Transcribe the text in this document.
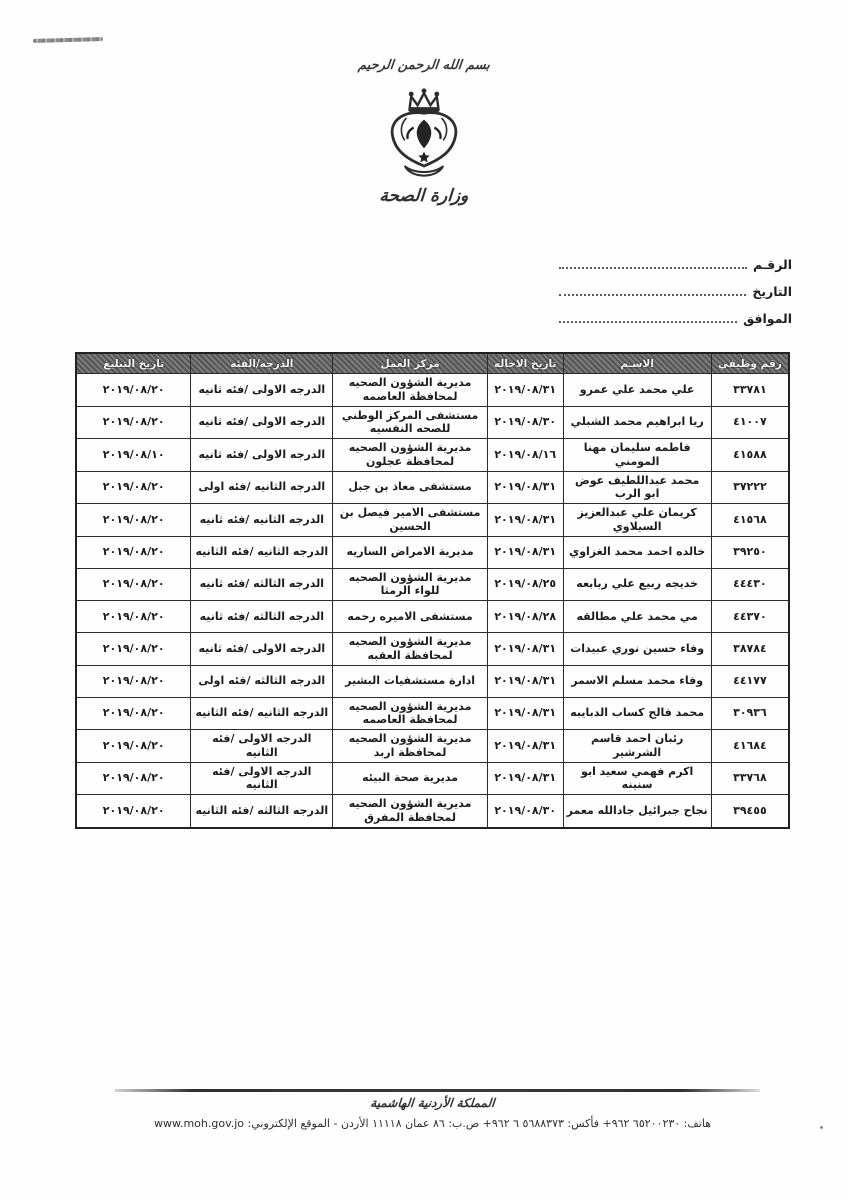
بسم الله الرحمن الرحيم
وزارة الصحة
الرقـم
التاريخ
الموافق
رقم وظيفي	الاسـم	تاريخ الاحاله	مركز العمل	الدرجه/الفئه	تاريخ التبليغ
٣٣٧٨١	علي محمد علي عمرو	٢٠١٩/٠٨/٣١	مديرية الشؤون الصحيه لمحافظة العاصمه	الدرجه الاولى /فئه ثانيه	٢٠١٩/٠٨/٢٠
٤١٠٠٧	ريا ابراهيم محمد الشبلي	٢٠١٩/٠٨/٣٠	مستشفى المركز الوطني للصحه النفسيه	الدرجه الاولى /فئه ثانيه	٢٠١٩/٠٨/٢٠
٤١٥٨٨	فاطمه سليمان مهنا المومني	٢٠١٩/٠٨/١٦	مديرية الشؤون الصحيه لمحافظة عجلون	الدرجه الاولى /فئه ثانيه	٢٠١٩/٠٨/١٠
٣٧٢٢٢	محمد عبداللطيف عوض ابو الرب	٢٠١٩/٠٨/٣١	مستشفى معاذ بن جبل	الدرجه الثانيه /فئه اولى	٢٠١٩/٠٨/٢٠
٤١٥٦٨	كريمان علي عبدالعزيز السيلاوي	٢٠١٩/٠٨/٣١	مستشفى الامير فيصل بن الحسين	الدرجه الثانيه /فئه ثانيه	٢٠١٩/٠٨/٢٠
٣٩٢٥٠	خالده احمد محمد الغزاوي	٢٠١٩/٠٨/٣١	مديرية الامراض الساريه	الدرجه الثانيه /فئه الثانيه	٢٠١٩/٠٨/٢٠
٤٤٤٣٠	خديجه ربيع علي ربابعه	٢٠١٩/٠٨/٢٥	مديرية الشؤون الصحيه للواء الرمثا	الدرجه الثالثه /فئه ثانيه	٢٠١٩/٠٨/٢٠
٤٤٣٧٠	مي محمد علي مطالقه	٢٠١٩/٠٨/٢٨	مستشفى الاميره رحمه	الدرجه الثالثه /فئه ثانيه	٢٠١٩/٠٨/٢٠
٣٨٧٨٤	وفاء حسين نوري عبيدات	٢٠١٩/٠٨/٣١	مديرية الشؤون الصحيه لمحافظة العقبه	الدرجه الاولى /فئه ثانيه	٢٠١٩/٠٨/٢٠
٤٤١٧٧	وفاء محمد مسلم الاسمر	٢٠١٩/٠٨/٣١	ادارة مستشفيات البشير	الدرجه الثالثه /فئه اولى	٢٠١٩/٠٨/٢٠
٣٠٩٣٦	محمد فالح كساب الدبايبه	٢٠١٩/٠٨/٣١	مديرية الشؤون الصحيه لمحافظة العاصمه	الدرجه الثانيه /فئه الثانيه	٢٠١٩/٠٨/٢٠
٤١٦٨٤	رئبان احمد قاسم الشرشير	٢٠١٩/٠٨/٣١	مديرية الشؤون الصحيه لمحافظة اربد	الدرجه الاولى /فئه الثانيه	٢٠١٩/٠٨/٢٠
٣٣٧٦٨	اكرم فهمي سعيد ابو سنينه	٢٠١٩/٠٨/٣١	مديرية صحة البيئه	الدرجه الاولى /فئه الثانيه	٢٠١٩/٠٨/٢٠
٣٩٤٥٥	نجاح جبرائيل جادالله معمر	٢٠١٩/٠٨/٣٠	مديرية الشؤون الصحيه لمحافظة المفرق	الدرجه الثالثه /فئه الثانيه	٢٠١٩/٠٨/٢٠
المملكة الأردنية الهاشمية
هاتف: ٦٥٢٠٠٢٣٠ ٩٦٢+ فأكس: ٥٦٨٨٣٧٣ ٦ ٩٦٢+ ص.ب: ٨٦ عمان ١١١١٨ الأردن - الموقع الإلكتروني: www.moh.gov.jo
